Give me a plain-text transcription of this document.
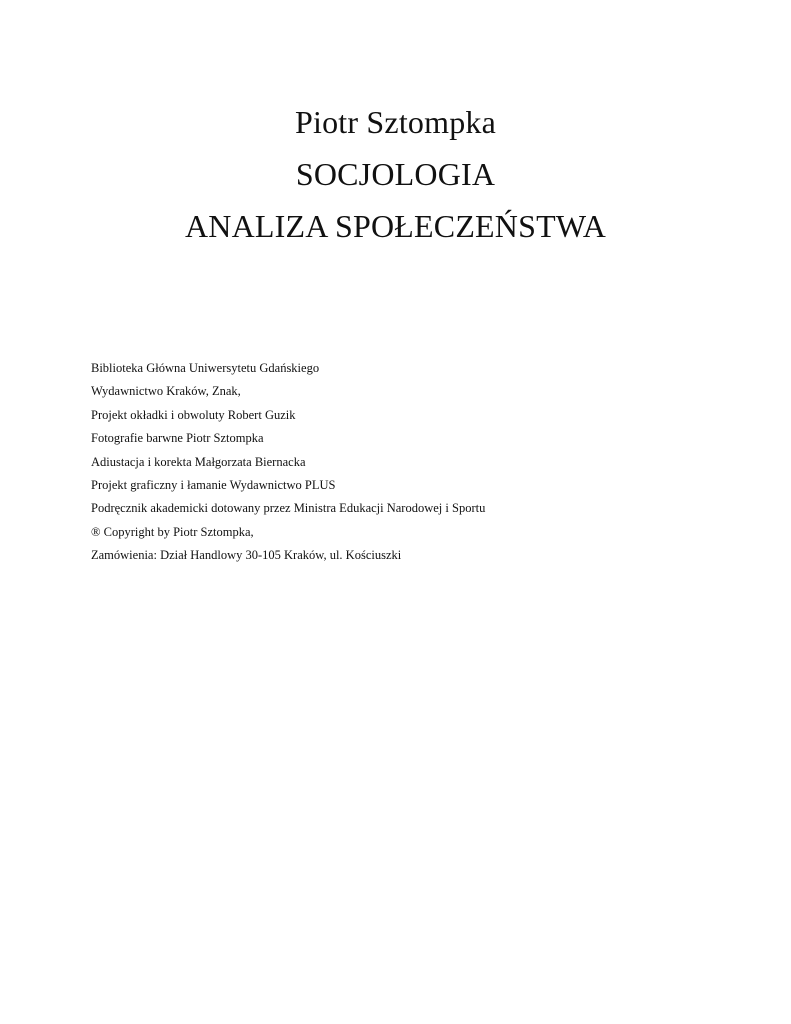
Piotr Sztompka
SOCJOLOGIA
ANALIZA SPOŁECZEŃSTWA

Biblioteka Główna Uniwersytetu Gdańskiego

Wydawnictwo Kraków, Znak,

Projekt okładki i obwoluty Robert Guzik

Fotografie barwne Piotr Sztompka

Adiustacja i korekta Małgorzata Biernacka

Projekt graficzny i łamanie Wydawnictwo PLUS

Podręcznik akademicki dotowany przez Ministra Edukacji Narodowej i Sportu

® Copyright by Piotr Sztompka,

Zamówienia: Dział Handlowy 30-105 Kraków, ul. Kościuszki
